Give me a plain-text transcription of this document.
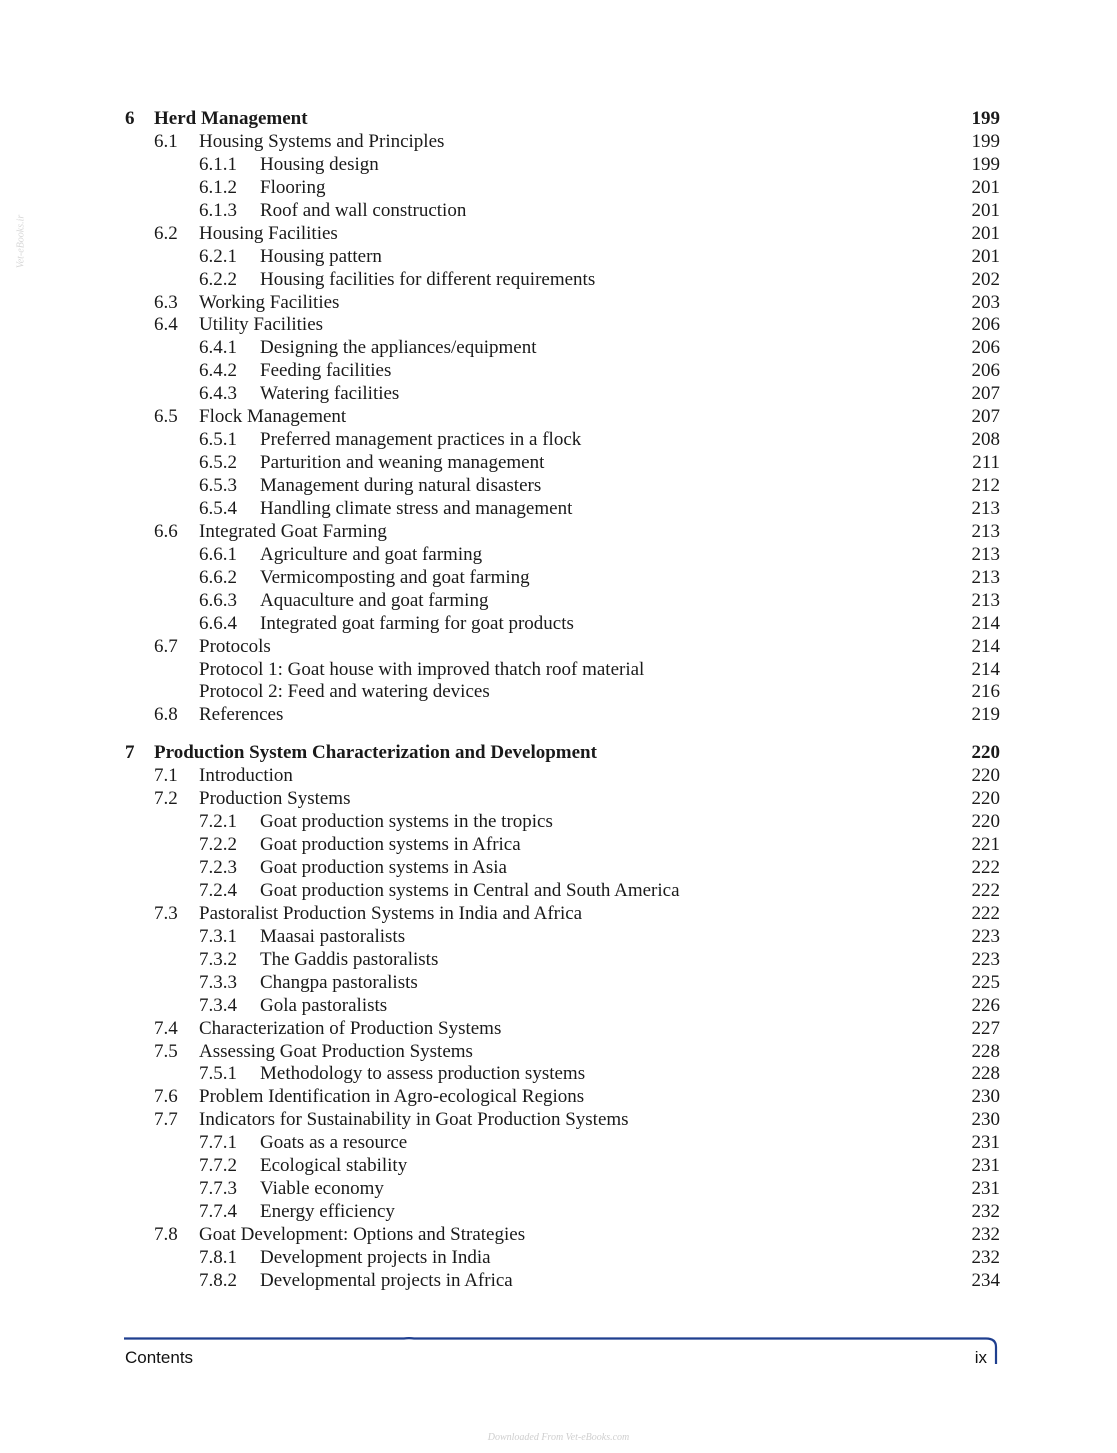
6 Herd Management	199
6.1 Housing Systems and Principles	199
6.1.1 Housing design	199
6.1.2 Flooring	201
6.1.3 Roof and wall construction	201
6.2 Housing Facilities	201
6.2.1 Housing pattern	201
6.2.2 Housing facilities for different requirements	202
6.3 Working Facilities	203
6.4 Utility Facilities	206
6.4.1 Designing the appliances/equipment	206
6.4.2 Feeding facilities	206
6.4.3 Watering facilities	207
6.5 Flock Management	207
6.5.1 Preferred management practices in a flock	208
6.5.2 Parturition and weaning management	211
6.5.3 Management during natural disasters	212
6.5.4 Handling climate stress and management	213
6.6 Integrated Goat Farming	213
6.6.1 Agriculture and goat farming	213
6.6.2 Vermicomposting and goat farming	213
6.6.3 Aquaculture and goat farming	213
6.6.4 Integrated goat farming for goat products	214
6.7 Protocols	214
Protocol 1: Goat house with improved thatch roof material	214
Protocol 2: Feed and watering devices	216
6.8 References	219
7 Production System Characterization and Development	220
7.1 Introduction	220
7.2 Production Systems	220
7.2.1 Goat production systems in the tropics	220
7.2.2 Goat production systems in Africa	221
7.2.3 Goat production systems in Asia	222
7.2.4 Goat production systems in Central and South America	222
7.3 Pastoralist Production Systems in India and Africa	222
7.3.1 Maasai pastoralists	223
7.3.2 The Gaddis pastoralists	223
7.3.3 Changpa pastoralists	225
7.3.4 Gola pastoralists	226
7.4 Characterization of Production Systems	227
7.5 Assessing Goat Production Systems	228
7.5.1 Methodology to assess production systems	228
7.6 Problem Identification in Agro-ecological Regions	230
7.7 Indicators for Sustainability in Goat Production Systems	230
7.7.1 Goats as a resource	231
7.7.2 Ecological stability	231
7.7.3 Viable economy	231
7.7.4 Energy efficiency	232
7.8 Goat Development: Options and Strategies	232
7.8.1 Development projects in India	232
7.8.2 Developmental projects in Africa	234
Contents	ix
Vet-eBooks.ir
Downloaded From Vet-eBooks.com
